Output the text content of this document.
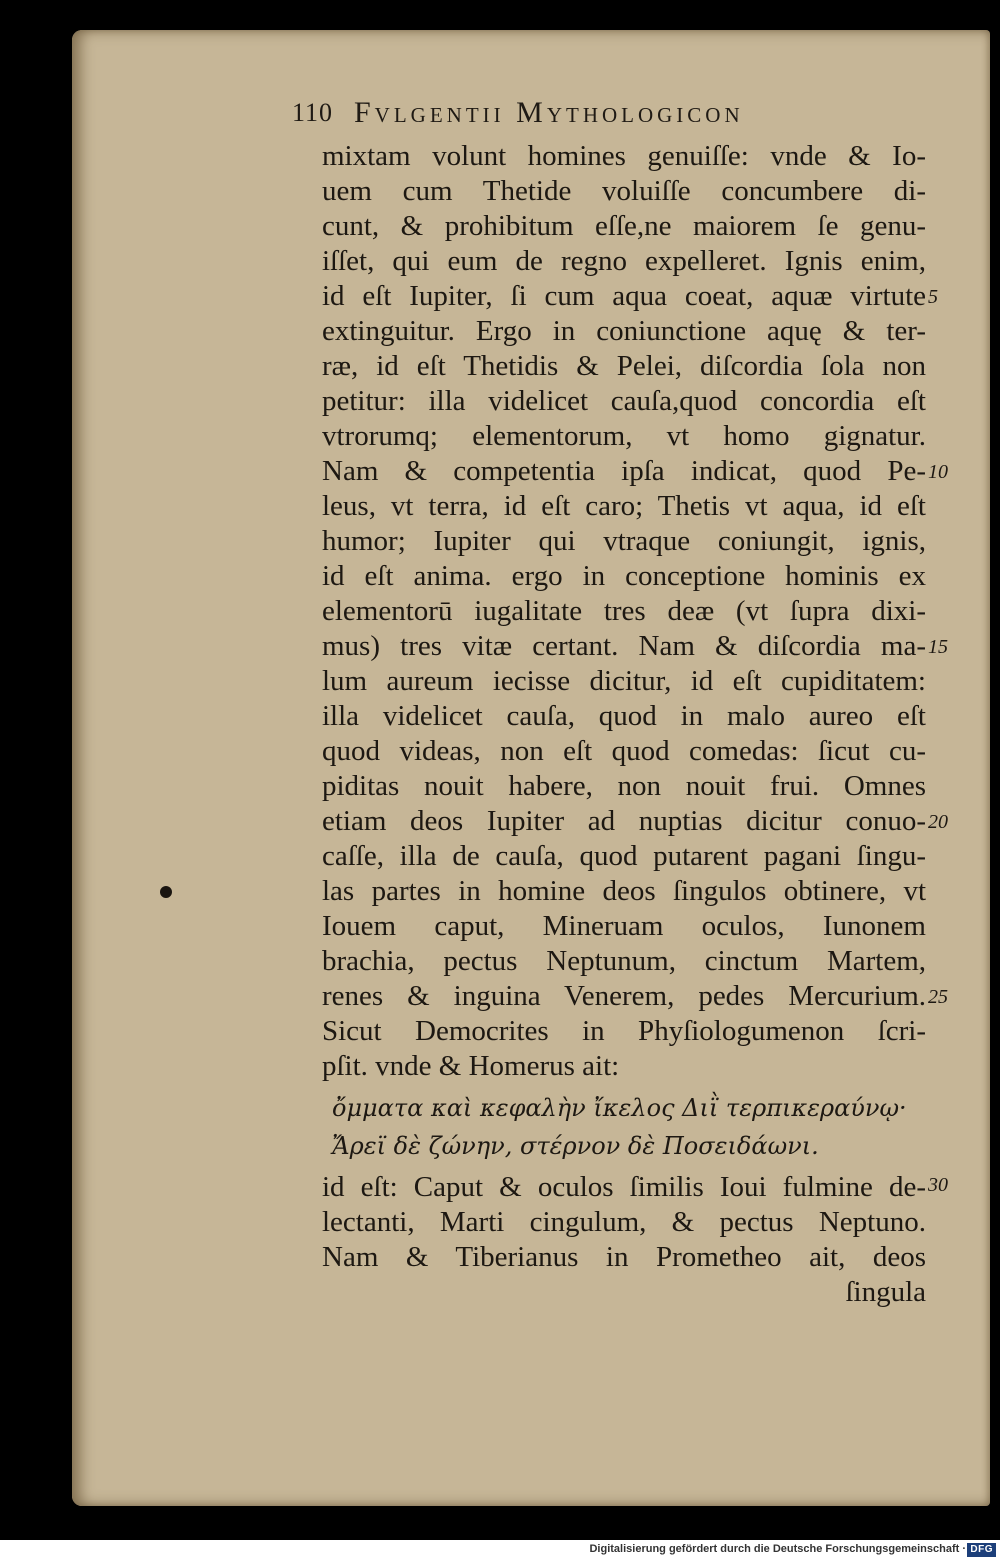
110 Fvlgentii Mythologicon
mixtam volunt homines genuiſſe: vnde & Io-
uem cum Thetide voluiſſe concumbere di-
cunt, & prohibitum eſſe,ne maiorem ſe genu-
iſſet, qui eum de regno expelleret. Ignis enim,
id eſt Iupiter, ſi cum aqua coeat, aquæ virtute
extinguitur. Ergo in coniunctione aquę & ter-
ræ, id eſt Thetidis & Pelei, diſcordia ſola non
petitur: illa videlicet cauſa,quod concordia eſt
vtrorumq; elementorum, vt homo gignatur.
Nam & competentia ipſa indicat, quod Pe-
leus, vt terra, id eſt caro; Thetis vt aqua, id eſt
humor; Iupiter qui vtraque coniungit, ignis,
id eſt anima. ergo in conceptione hominis ex
elementorū iugalitate tres deæ (vt ſupra dixi-
mus) tres vitæ certant. Nam & diſcordia ma-
lum aureum iecisse dicitur, id eſt cupiditatem:
illa videlicet cauſa, quod in malo aureo eſt
quod videas, non eſt quod comedas: ſicut cu-
piditas nouit habere, non nouit frui. Omnes
etiam deos Iupiter ad nuptias dicitur conuo-
caſſe, illa de cauſa, quod putarent pagani ſingu-
las partes in homine deos ſingulos obtinere, vt
Iouem caput, Mineruam oculos, Iunonem
brachia, pectus Neptunum, cinctum Martem,
renes & inguina Venerem, pedes Mercurium.
Sicut Democrites in Phyſiologumenon ſcri-
pſit. vnde & Homerus ait:
ὄμματα καὶ κεφαλὴν ἴκελος Διῒ τερπικεραύνῳ·
Ἄρεϊ δὲ ζώνην, στέρνον δὲ Ποσειδάωνι.
id eſt: Caput & oculos ſimilis Ioui fulmine de-
lectanti, Marti cingulum, & pectus Neptuno.
Nam & Tiberianus in Prometheo ait, deos
ſingula
5
10
15
20
25
30
Digitalisierung gefördert durch die Deutsche Forschungsgemeinschaft · DFG
